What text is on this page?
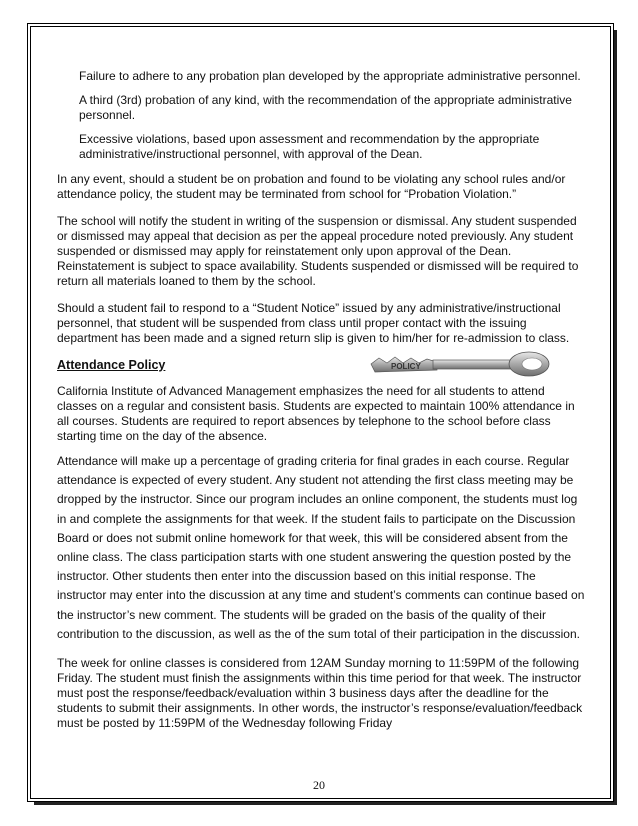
Failure to adhere to any probation plan developed by the appropriate administrative personnel.

A third (3rd) probation of any kind, with the recommendation of the appropriate administrative personnel.

Excessive violations, based upon assessment and recommendation by the appropriate administrative/instructional personnel, with approval of the Dean.

In any event, should a student be on probation and found to be violating any school rules and/or attendance policy, the student may be terminated from school for “Probation Violation.”

The school will notify the student in writing of the suspension or dismissal. Any student suspended or dismissed may appeal that decision as per the appeal procedure noted previously. Any student suspended or dismissed may apply for reinstatement only upon approval of the Dean. Reinstatement is subject to space availability. Students suspended or dismissed will be required to return all materials loaned to them by the school.

Should a student fail to respond to a “Student Notice” issued by any administrative/instructional personnel, that student will be suspended from class until proper contact with the issuing department has been made and a signed return slip is given to him/her for re-admission to class.

Attendance Policy	POLICY

California Institute of Advanced Management emphasizes the need for all students to attend classes on a regular and consistent basis. Students are expected to maintain 100% attendance in all courses. Students are required to report absences by telephone to the school before class starting time on the day of the absence.

Attendance will make up a percentage of grading criteria for final grades in each course. Regular attendance is expected of every student. Any student not attending the first class meeting may be dropped by the instructor. Since our program includes an online component, the students must log in and complete the assignments for that week. If the student fails to participate on the Discussion Board or does not submit online homework for that week, this will be considered absent from the online class. The class participation starts with one student answering the question posted by the instructor. Other students then enter into the discussion based on this initial response. The instructor may enter into the discussion at any time and student’s comments can continue based on the instructor’s new comment. The students will be graded on the basis of the quality of their contribution to the discussion, as well as the of the sum total of their participation in the discussion.

The week for online classes is considered from 12AM Sunday morning to 11:59PM of the following Friday. The student must finish the assignments within this time period for that week. The instructor must post the response/feedback/evaluation within 3 business days after the deadline for the students to submit their assignments. In other words, the instructor’s response/evaluation/feedback must be posted by 11:59PM of the Wednesday following Friday

20
